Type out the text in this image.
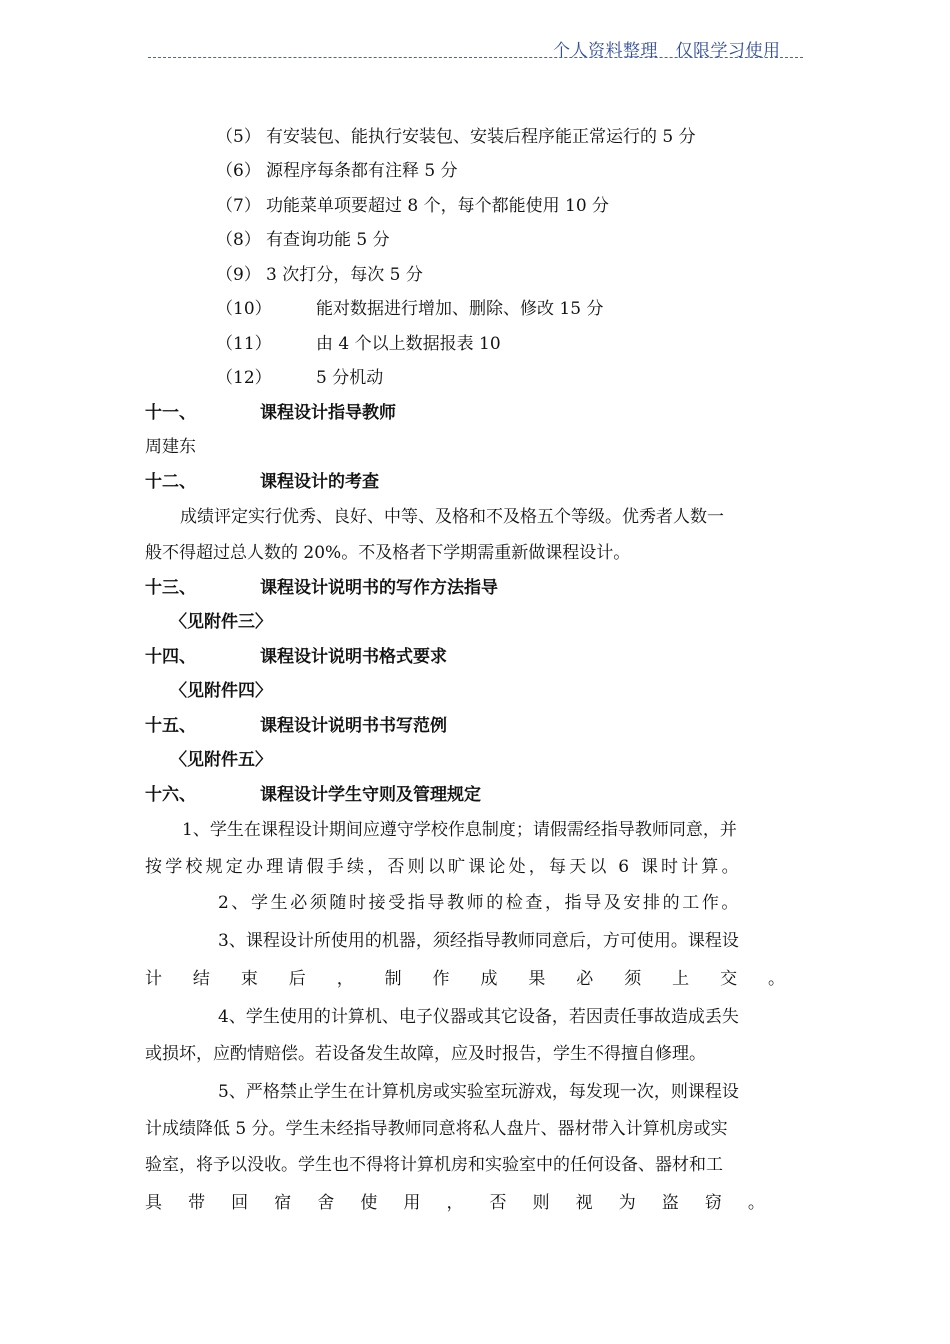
个人资料整理　仅限学习使用
（5） 有安装包、能执行安装包、安装后程序能正常运行的 5 分
（6） 源程序每条都有注释 5 分
（7） 功能菜单项要超过 8 个，每个都能使用 10 分
（8） 有查询功能 5 分
（9） 3 次打分，每次 5 分
（10）	能对数据进行增加、删除、修改 15 分
（11）	由 4 个以上数据报表 10
（12）	5 分机动
十一、	课程设计指导教师
周建东
十二、	课程设计的考查
成绩评定实行优秀、良好、中等、及格和不及格五个等级。优秀者人数一
般不得超过总人数的 20%。不及格者下学期需重新做课程设计。
十三、	课程设计说明书的写作方法指导
〈见附件三〉
十四、	课程设计说明书格式要求
〈见附件四〉
十五、	课程设计说明书书写范例
〈见附件五〉
十六、	课程设计学生守则及管理规定
1、学生在课程设计期间应遵守学校作息制度；请假需经指导教师同意，并
按学校规定办理请假手续，否则以旷课论处，每天以 6 课时计算。
2、学生必须随时接受指导教师的检查，指导及安排的工作。
3、课程设计所使用的机器，须经指导教师同意后，方可使用。课程设
计 结 束 后 ， 制 作 成 果 必 须 上 交 。
4、学生使用的计算机、电子仪器或其它设备，若因责任事故造成丢失
或损坏，应酌情赔偿。若设备发生故障，应及时报告，学生不得擅自修理。
5、严格禁止学生在计算机房或实验室玩游戏，每发现一次，则课程设
计成绩降低 5 分。学生未经指导教师同意将私人盘片、器材带入计算机房或实
验室，将予以没收。学生也不得将计算机房和实验室中的任何设备、器材和工
具 带 回 宿 舍 使 用 ， 否 则 视 为 盗 窃 。
